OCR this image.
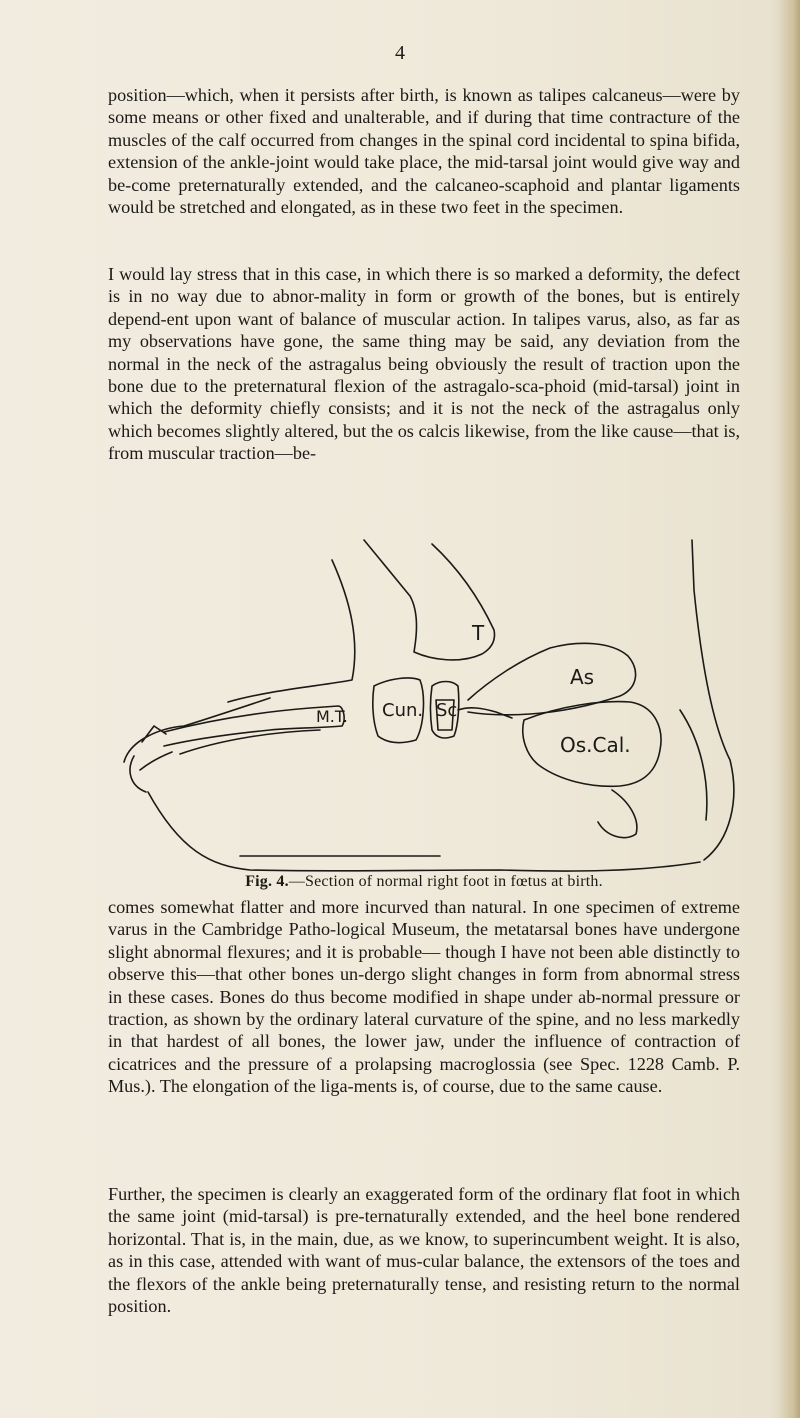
4

position—which, when it persists after birth, is known as talipes calcaneus—were by some means or other fixed and unalterable, and if during that time contracture of the muscles of the calf occurred from changes in the spinal cord incidental to spina bifida, extension of the ankle-joint would take place, the mid-tarsal joint would give way and be-come preternaturally extended, and the calcaneo-scaphoid and plantar ligaments would be stretched and elongated, as in these two feet in the specimen.

I would lay stress that in this case, in which there is so marked a deformity, the defect is in no way due to abnor-mality in form or growth of the bones, but is entirely depend-ent upon want of balance of muscular action. In talipes varus, also, as far as my observations have gone, the same thing may be said, any deviation from the normal in the neck of the astragalus being obviously the result of traction upon the bone due to the preternatural flexion of the astragalo-sca-phoid (mid-tarsal) joint in which the deformity chiefly consists; and it is not the neck of the astragalus only which becomes slightly altered, but the os calcis likewise, from the like cause—that is, from muscular traction—be-

T
As
Os.Cal.
Cun. Sc
M.T.
Fig. 4.—Section of normal right foot in fœtus at birth.

comes somewhat flatter and more incurved than natural. In one specimen of extreme varus in the Cambridge Patho-logical Museum, the metatarsal bones have undergone slight abnormal flexures; and it is probable— though I have not been able distinctly to observe this—that other bones un-dergo slight changes in form from abnormal stress in these cases. Bones do thus become modified in shape under ab-normal pressure or traction, as shown by the ordinary lateral curvature of the spine, and no less markedly in that hardest of all bones, the lower jaw, under the influence of contraction of cicatrices and the pressure of a prolapsing macroglossia (see Spec. 1228 Camb. P. Mus.). The elongation of the liga-ments is, of course, due to the same cause.

Further, the specimen is clearly an exaggerated form of the ordinary flat foot in which the same joint (mid-tarsal) is pre-ternaturally extended, and the heel bone rendered horizontal. That is, in the main, due, as we know, to superincumbent weight. It is also, as in this case, attended with want of mus-cular balance, the extensors of the toes and the flexors of the ankle being preternaturally tense, and resisting return to the normal position.
